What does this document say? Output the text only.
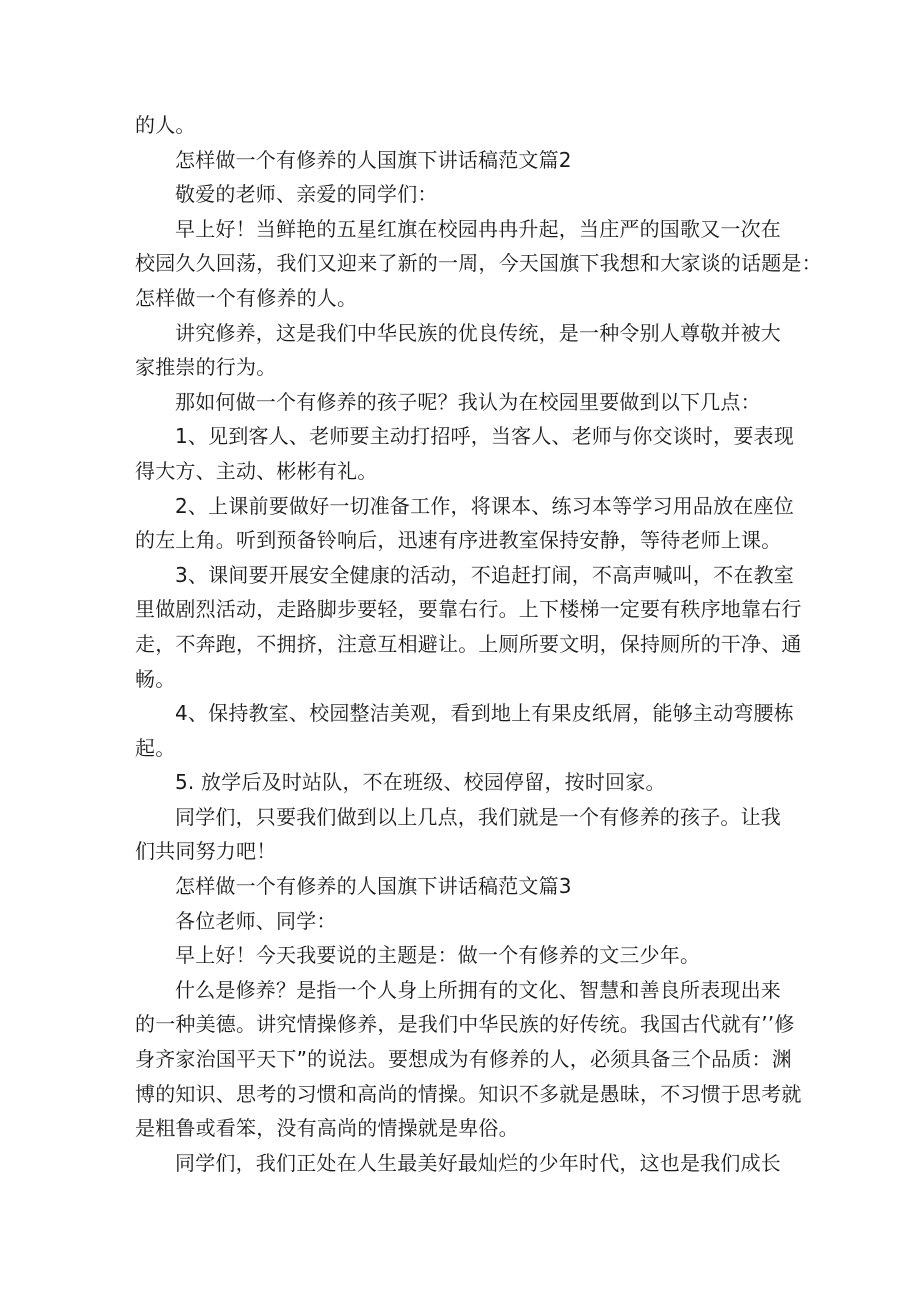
的人。
怎样做一个有修养的人国旗下讲话稿范文篇2
敬爱的老师、亲爱的同学们：
早上好！当鲜艳的五星红旗在校园冉冉升起，当庄严的国歌又一次在
校园久久回荡，我们又迎来了新的一周，今天国旗下我想和大家谈的话题是：
怎样做一个有修养的人。
讲究修养，这是我们中华民族的优良传统，是一种令别人尊敬并被大
家推崇的行为。
那如何做一个有修养的孩子呢？我认为在校园里要做到以下几点：
1、见到客人、老师要主动打招呼，当客人、老师与你交谈时，要表现
得大方、主动、彬彬有礼。
2、上课前要做好一切准备工作，将课本、练习本等学习用品放在座位
的左上角。听到预备铃响后，迅速有序进教室保持安静，等待老师上课。
3、课间要开展安全健康的活动，不追赶打闹，不高声喊叫，不在教室
里做剧烈活动，走路脚步要轻，要靠右行。上下楼梯一定要有秩序地靠右行
走，不奔跑，不拥挤，注意互相避让。上厕所要文明，保持厕所的干净、通
畅。
4、保持教室、校园整洁美观，看到地上有果皮纸屑，能够主动弯腰栋
起。
5. 放学后及时站队，不在班级、校园停留，按时回家。
同学们，只要我们做到以上几点，我们就是一个有修养的孩子。让我
们共同努力吧！
怎样做一个有修养的人国旗下讲话稿范文篇3
各位老师、同学：
早上好！今天我要说的主题是：做一个有修养的文三少年。
什么是修养？是指一个人身上所拥有的文化、智慧和善良所表现出来
的一种美德。讲究情操修养，是我们中华民族的好传统。我国古代就有’’修
身齐家治国平天下”的说法。要想成为有修养的人，必须具备三个品质：渊
博的知识、思考的习惯和高尚的情操。知识不多就是愚昧，不习惯于思考就
是粗鲁或看笨，没有高尚的情操就是卑俗。
同学们，我们正处在人生最美好最灿烂的少年时代，这也是我们成长
